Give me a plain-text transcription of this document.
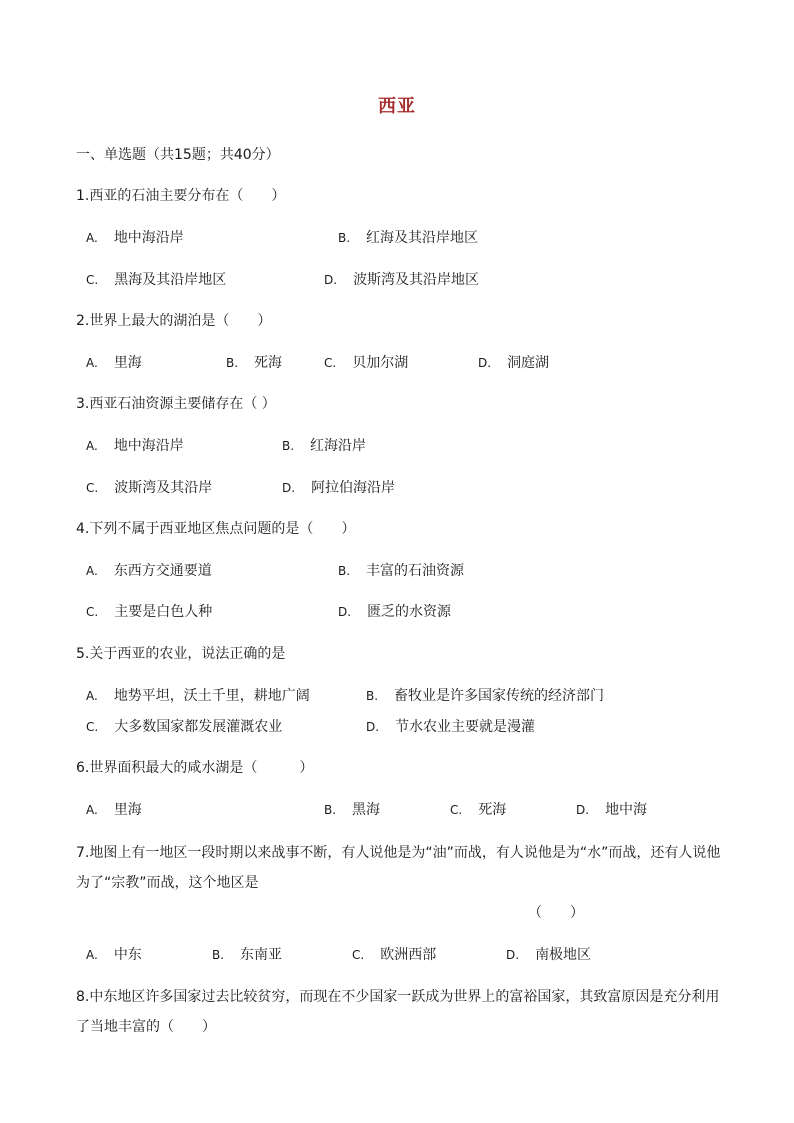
西亚
一、单选题（共15题；共40分）
1.西亚的石油主要分布在（　　）
A. 地中海沿岸	B. 红海及其沿岸地区
C. 黑海及其沿岸地区	D. 波斯湾及其沿岸地区
2.世界上最大的湖泊是（　　）
A. 里海	B. 死海	C. 贝加尔湖	D. 洞庭湖
3.西亚石油资源主要储存在（ ）
A. 地中海沿岸	B. 红海沿岸
C. 波斯湾及其沿岸	D. 阿拉伯海沿岸
4.下列不属于西亚地区焦点问题的是（　　）
A. 东西方交通要道	B. 丰富的石油资源
C. 主要是白色人种	D. 匮乏的水资源
5.关于西亚的农业，说法正确的是
A. 地势平坦，沃土千里，耕地广阔	B. 畜牧业是许多国家传统的经济部门
C. 大多数国家都发展灌溉农业	D. 节水农业主要就是漫灌
6.世界面积最大的咸水湖是（　　　）
A. 里海	B. 黑海	C. 死海	D. 地中海
7.地图上有一地区一段时期以来战事不断，有人说他是为“油”而战，有人说他是为“水”而战，还有人说他为了“宗教”而战，这个地区是
（　　）
A. 中东	B. 东南亚	C. 欧洲西部	D. 南极地区
8.中东地区许多国家过去比较贫穷，而现在不少国家一跃成为世界上的富裕国家，其致富原因是充分利用了当地丰富的（　　）
